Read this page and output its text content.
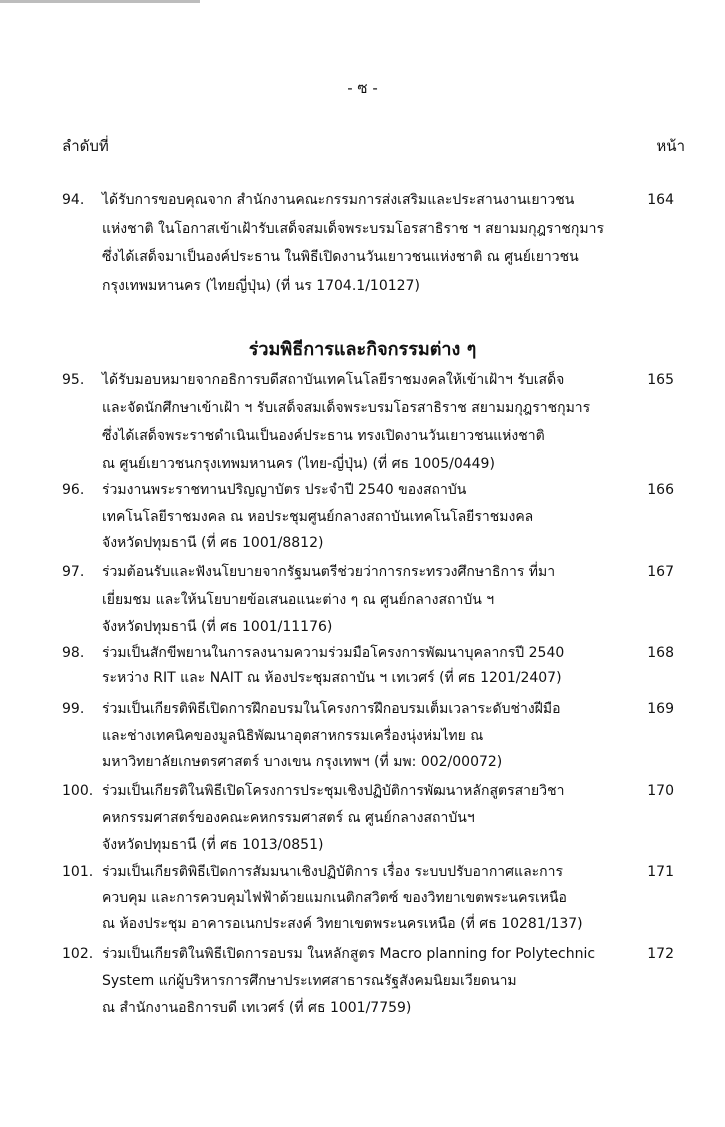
- ซ -
ลำดับที่	หน้า
ร่วมพิธีการและกิจกรรมต่าง ๆ
94. ได้รับการขอบคุณจาก สำนักงานคณะกรรมการส่งเสริมและประสานงานเยาวชน
แห่งชาติ ในโอกาสเข้าเฝ้ารับเสด็จสมเด็จพระบรมโอรสาธิราช ฯ สยามมกุฎราชกุมาร
ซึ่งได้เสด็จมาเป็นองค์ประธาน ในพิธีเปิดงานวันเยาวชนแห่งชาติ ณ ศูนย์เยาวชน
กรุงเทพมหานคร (ไทยญี่ปุ่น) (ที่ นร 1704.1/10127)
164
95. ได้รับมอบหมายจากอธิการบดีสถาบันเทคโนโลยีราชมงคลให้เข้าเฝ้าฯ รับเสด็จ
และจัดนักศึกษาเข้าเฝ้า ฯ รับเสด็จสมเด็จพระบรมโอรสาธิราช สยามมกุฎราชกุมาร
ซึ่งได้เสด็จพระราชดำเนินเป็นองค์ประธาน ทรงเปิดงานวันเยาวชนแห่งชาติ
ณ ศูนย์เยาวชนกรุงเทพมหานคร (ไทย-ญี่ปุ่น) (ที่ ศธ 1005/0449)
165
96. ร่วมงานพระราชทานปริญญาบัตร ประจำปี 2540 ของสถาบัน
เทคโนโลยีราชมงคล ณ หอประชุมศูนย์กลางสถาบันเทคโนโลยีราชมงคล
จังหวัดปทุมธานี (ที่ ศธ 1001/8812)
166
97. ร่วมต้อนรับและฟังนโยบายจากรัฐมนตรีช่วยว่าการกระทรวงศึกษาธิการ ที่มา
เยี่ยมชม และให้นโยบายข้อเสนอแนะต่าง ๆ ณ ศูนย์กลางสถาบัน ฯ
จังหวัดปทุมธานี (ที่ ศธ 1001/11176)
167
98. ร่วมเป็นสักขีพยานในการลงนามความร่วมมือโครงการพัฒนาบุคลากรปี 2540
ระหว่าง RIT และ NAIT ณ ห้องประชุมสถาบัน ฯ เทเวศร์ (ที่ ศธ 1201/2407)
168
99. ร่วมเป็นเกียรติพิธีเปิดการฝึกอบรมในโครงการฝึกอบรมเต็มเวลาระดับช่างฝีมือ
และช่างเทคนิคของมูลนิธิพัฒนาอุตสาหกรรมเครื่องนุ่งห่มไทย ณ
มหาวิทยาลัยเกษตรศาสตร์ บางเขน กรุงเทพฯ (ที่ มพ: 002/00072)
169
100. ร่วมเป็นเกียรติในพิธีเปิดโครงการประชุมเชิงปฏิบัติการพัฒนาหลักสูตรสายวิชา
คหกรรมศาสตร์ของคณะคหกรรมศาสตร์ ณ ศูนย์กลางสถาบันฯ
จังหวัดปทุมธานี (ที่ ศธ 1013/0851)
170
101. ร่วมเป็นเกียรติพิธีเปิดการสัมมนาเชิงปฏิบัติการ เรื่อง ระบบปรับอากาศและการ
ควบคุม และการควบคุมไฟฟ้าด้วยแมกเนติกสวิตซ์ ของวิทยาเขตพระนครเหนือ
ณ ห้องประชุม อาคารอเนกประสงค์ วิทยาเขตพระนครเหนือ (ที่ ศธ 10281/137)
171
102. ร่วมเป็นเกียรติในพิธีเปิดการอบรม ในหลักสูตร Macro planning for Polytechnic
System แก่ผู้บริหารการศึกษาประเทศสาธารณรัฐสังคมนิยมเวียดนาม
ณ สำนักงานอธิการบดี เทเวศร์ (ที่ ศธ 1001/7759)
172
